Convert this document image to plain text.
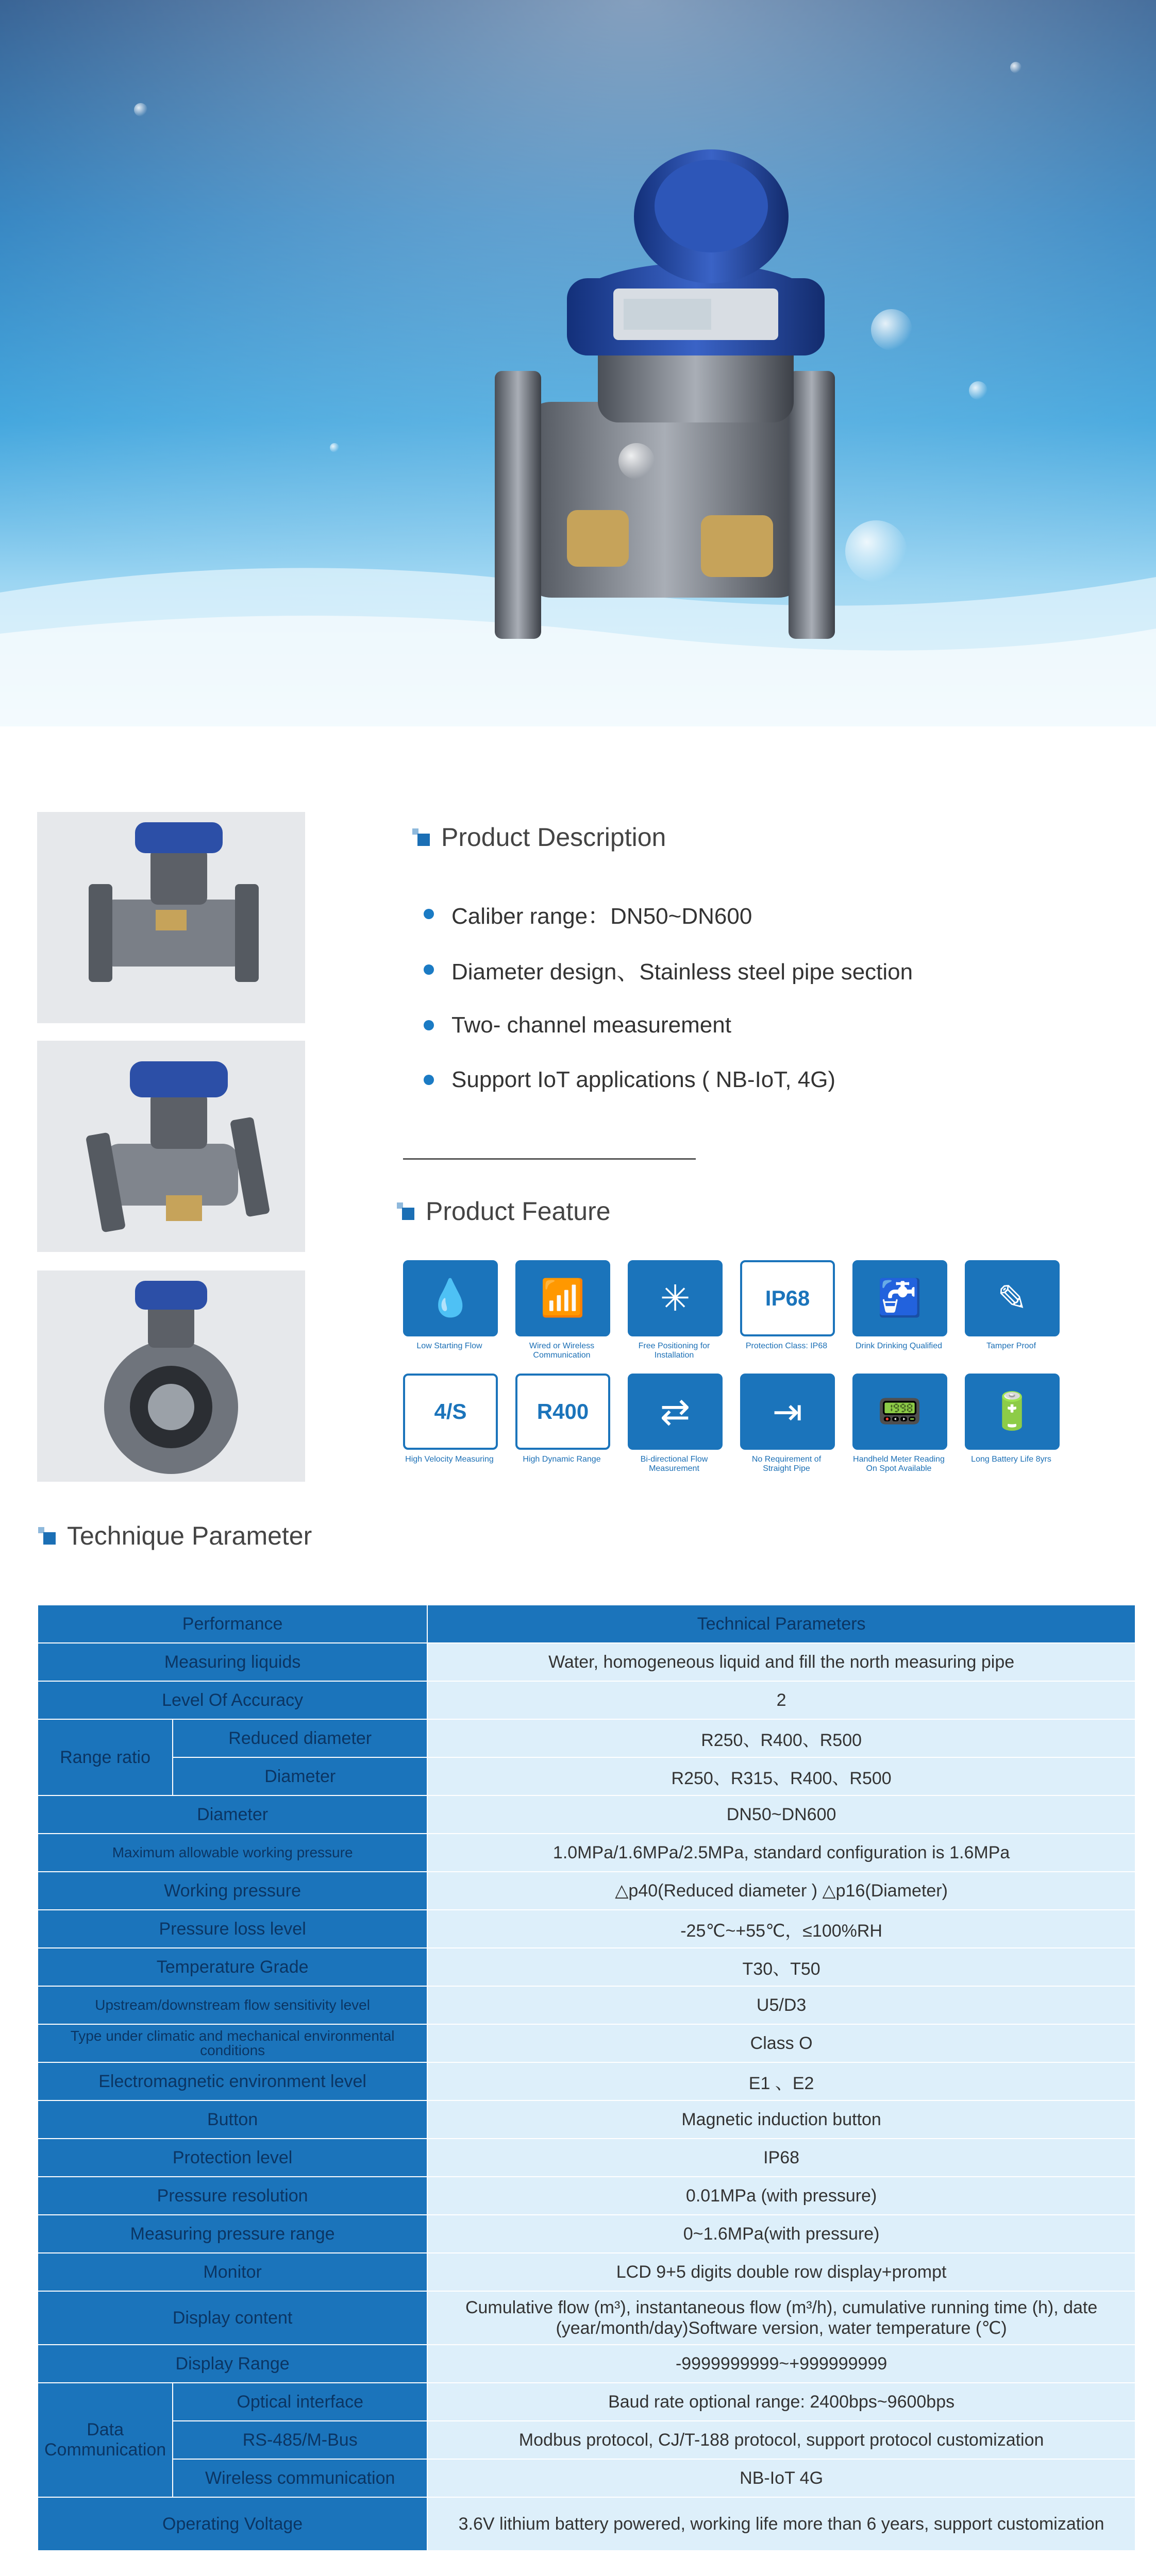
Product Description
Caliber range：DN50~DN600
Diameter design、Stainless steel pipe section
Two- channel measurement
Support IoT applications ( NB-IoT, 4G)
Product Feature
💧
Low Starting Flow
📶
Wired or Wireless Communication
✳
Free Positioning for Installation
IP68
Protection Class: IP68
🚰
Drink Drinking Qualified
✎
Tamper Proof
4/S
High Velocity Measuring
R400
High Dynamic Range
⇄
Bi-directional Flow Measurement
⇥
No Requirement of Straight Pipe
📟
Handheld Meter Reading On Spot Available
🔋
Long Battery Life 8yrs
Technique Parameter
Performance		Technical Parameters
Measuring liquids		Water, homogeneous liquid and fill the north measuring pipe
Level Of Accuracy		2
Range ratio	Reduced diameter	R250、R400、R500
	Diameter	R250、R315、R400、R500
Diameter		DN50~DN600
Maximum allowable working pressure		1.0MPa/1.6MPa/2.5MPa, standard configuration is 1.6MPa
Working pressure		△p40(Reduced diameter ) △p16(Diameter)
Pressure loss level		-25℃~+55℃，≤100%RH
Temperature Grade		T30、T50
Upstream/downstream flow sensitivity level		U5/D3
Type under climatic and mechanical environmental conditions		Class O
Electromagnetic environment level		E1 、E2
Button		Magnetic induction button
Protection level		IP68
Pressure resolution		0.01MPa (with pressure)
Measuring pressure range		0~1.6MPa(with pressure)
Monitor		LCD 9+5 digits double row display+prompt
Display content		Cumulative flow (m³), instantaneous flow (m³/h), cumulative running time (h), date (year/month/day)Software version, water temperature (℃)
Display Range		-9999999999~+999999999
Data Communication	Optical interface	Baud rate optional range: 2400bps~9600bps
	RS-485/M-Bus	Modbus protocol, CJ/T-188 protocol, support protocol customization
	Wireless communication	NB-IoT 4G
Operating Voltage		3.6V lithium battery powered, working life more than 6 years, support customization
